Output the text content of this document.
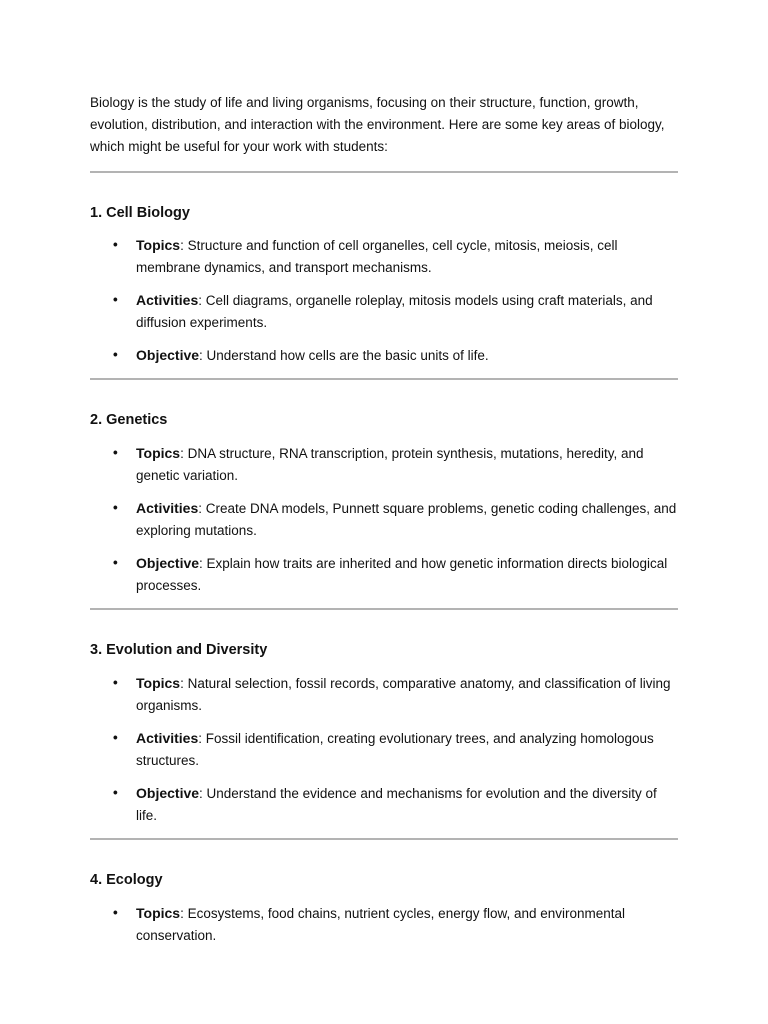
Biology is the study of life and living organisms, focusing on their structure, function, growth, evolution, distribution, and interaction with the environment. Here are some key areas of biology, which might be useful for your work with students:

1. Cell Biology
• Topics: Structure and function of cell organelles, cell cycle, mitosis, meiosis, cell membrane dynamics, and transport mechanisms.
• Activities: Cell diagrams, organelle roleplay, mitosis models using craft materials, and diffusion experiments.
• Objective: Understand how cells are the basic units of life.
2. Genetics
• Topics: DNA structure, RNA transcription, protein synthesis, mutations, heredity, and genetic variation.
• Activities: Create DNA models, Punnett square problems, genetic coding challenges, and exploring mutations.
• Objective: Explain how traits are inherited and how genetic information directs biological processes.
3. Evolution and Diversity
• Topics: Natural selection, fossil records, comparative anatomy, and classification of living organisms.
• Activities: Fossil identification, creating evolutionary trees, and analyzing homologous structures.
• Objective: Understand the evidence and mechanisms for evolution and the diversity of life.
4. Ecology
• Topics: Ecosystems, food chains, nutrient cycles, energy flow, and environmental conservation.
